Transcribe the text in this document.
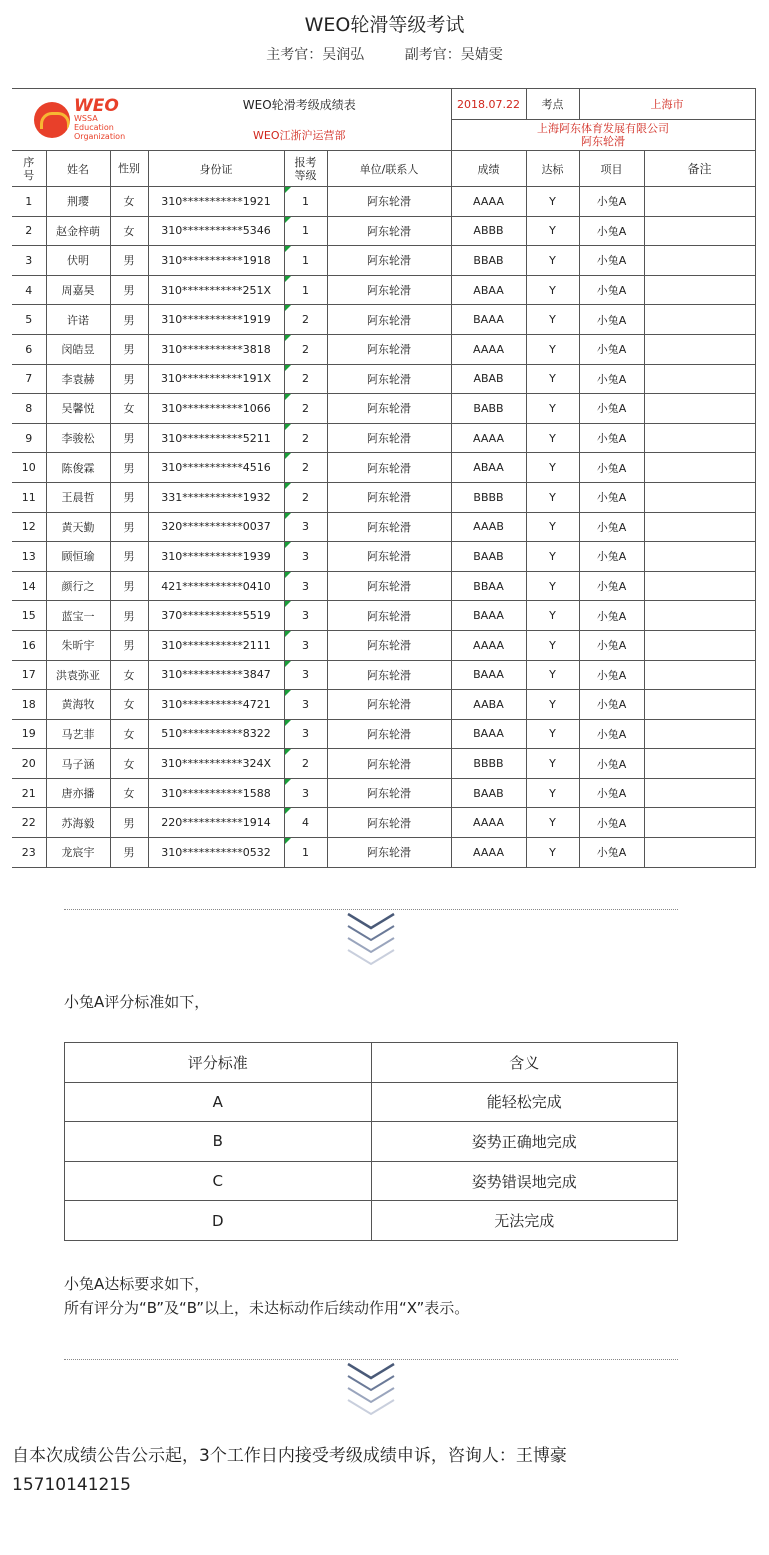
WEO轮滑等级考试
主考官：吴润弘	副考官：吴婧雯
WEO
WSSA
Education
Organization			WEO轮滑考级成绩表			2018.07.22	考点	上海市	
			WEO江浙沪运营部			上海阿东体育发展有限公司
阿东轮滑			

序号	姓名	性别	身份证	报考等级	单位/联系人	成绩	达标	项目	备注
1	荆璎	女	310***********1921	1	阿东轮滑	AAAA	Y	小兔A	
2	赵金梓萌	女	310***********5346	1	阿东轮滑	ABBB	Y	小兔A	
3	伏明	男	310***********1918	1	阿东轮滑	BBAB	Y	小兔A	
4	周嘉昊	男	310***********251X	1	阿东轮滑	ABAA	Y	小兔A	
5	许诺	男	310***********1919	2	阿东轮滑	BAAA	Y	小兔A	
6	闵皓昱	男	310***********3818	2	阿东轮滑	AAAA	Y	小兔A	
7	李袁赫	男	310***********191X	2	阿东轮滑	ABAB	Y	小兔A	
8	吴馨悦	女	310***********1066	2	阿东轮滑	BABB	Y	小兔A	
9	李骏松	男	310***********5211	2	阿东轮滑	AAAA	Y	小兔A	
10	陈俊霖	男	310***********4516	2	阿东轮滑	ABAA	Y	小兔A	
11	王晨哲	男	331***********1932	2	阿东轮滑	BBBB	Y	小兔A	
12	黄天勤	男	320***********0037	3	阿东轮滑	AAAB	Y	小兔A	
13	顾恒瑜	男	310***********1939	3	阿东轮滑	BAAB	Y	小兔A	
14	颜行之	男	421***********0410	3	阿东轮滑	BBAA	Y	小兔A	
15	蓝宝一	男	370***********5519	3	阿东轮滑	BAAA	Y	小兔A	
16	朱昕宇	男	310***********2111	3	阿东轮滑	AAAA	Y	小兔A	
17	洪袁弥亚	女	310***********3847	3	阿东轮滑	BAAA	Y	小兔A	
18	黄海牧	女	310***********4721	3	阿东轮滑	AABA	Y	小兔A	
19	马艺菲	女	510***********8322	3	阿东轮滑	BAAA	Y	小兔A	
20	马子涵	女	310***********324X	2	阿东轮滑	BBBB	Y	小兔A	
21	唐亦播	女	310***********1588	3	阿东轮滑	BAAB	Y	小兔A	
22	苏海毅	男	220***********1914	4	阿东轮滑	AAAA	Y	小兔A	
23	龙宸宇	男	310***********0532	1	阿东轮滑	AAAA	Y	小兔A	
小兔A评分标准如下，
评分标准	含义
A	能轻松完成
B	姿势正确地完成
C	姿势错误地完成
D	无法完成
小兔A达标要求如下，
所有评分为“B”及“B”以上，未达标动作后续动作用“X”表示。
自本次成绩公告公示起，3个工作日内接受考级成绩申诉，咨询人：王博豪
15710141215
